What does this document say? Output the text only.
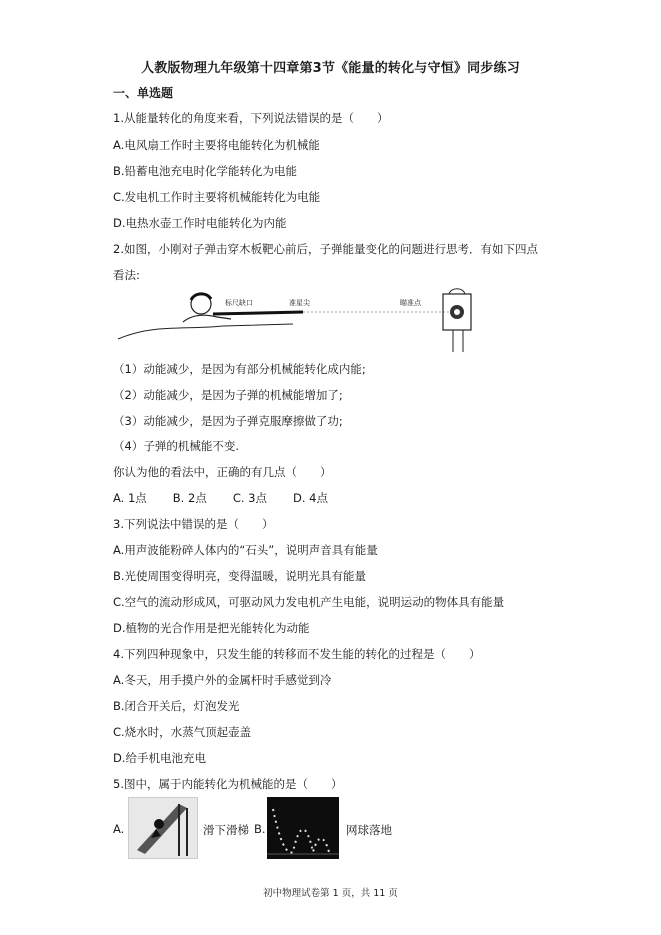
人教版物理九年级第十四章第3节《能量的转化与守恒》同步练习
一、单选题
1.从能量转化的角度来看，下列说法错误的是（　　）
A.电风扇工作时主要将电能转化为机械能
B.铅蓄电池充电时化学能转化为电能
C.发电机工作时主要将机械能转化为电能
D.电热水壶工作时电能转化为内能
2.如图，小刚对子弹击穿木板靶心前后，子弹能量变化的问题进行思考．有如下四点
看法:
标尺缺口	准星尖	瞄准点
（1）动能减少，是因为有部分机械能转化成内能;
（2）动能减少，是因为子弹的机械能增加了;
（3）动能减少，是因为子弹克服摩擦做了功;
（4）子弹的机械能不变.
你认为他的看法中，正确的有几点（　　）
A. 1点 B. 2点 C. 3点 D. 4点
3.下列说法中错误的是（　　）
A.用声波能粉碎人体内的“石头”，说明声音具有能量
B.光使周围变得明亮，变得温暖，说明光具有能量
C.空气的流动形成风，可驱动风力发电机产生电能，说明运动的物体具有能量
D.植物的光合作用是把光能转化为动能
4.下列四种现象中，只发生能的转移而不发生能的转化的过程是（　　）
A.冬天，用手摸户外的金属杆时手感觉到冷
B.闭合开关后，灯泡发光
C.烧水时，水蒸气顶起壶盖
D.给手机电池充电
5.图中，属于内能转化为机械能的是（　　）
A.	滑下滑梯 B.	网球落地
初中物理试卷第 1 页，共 11 页
